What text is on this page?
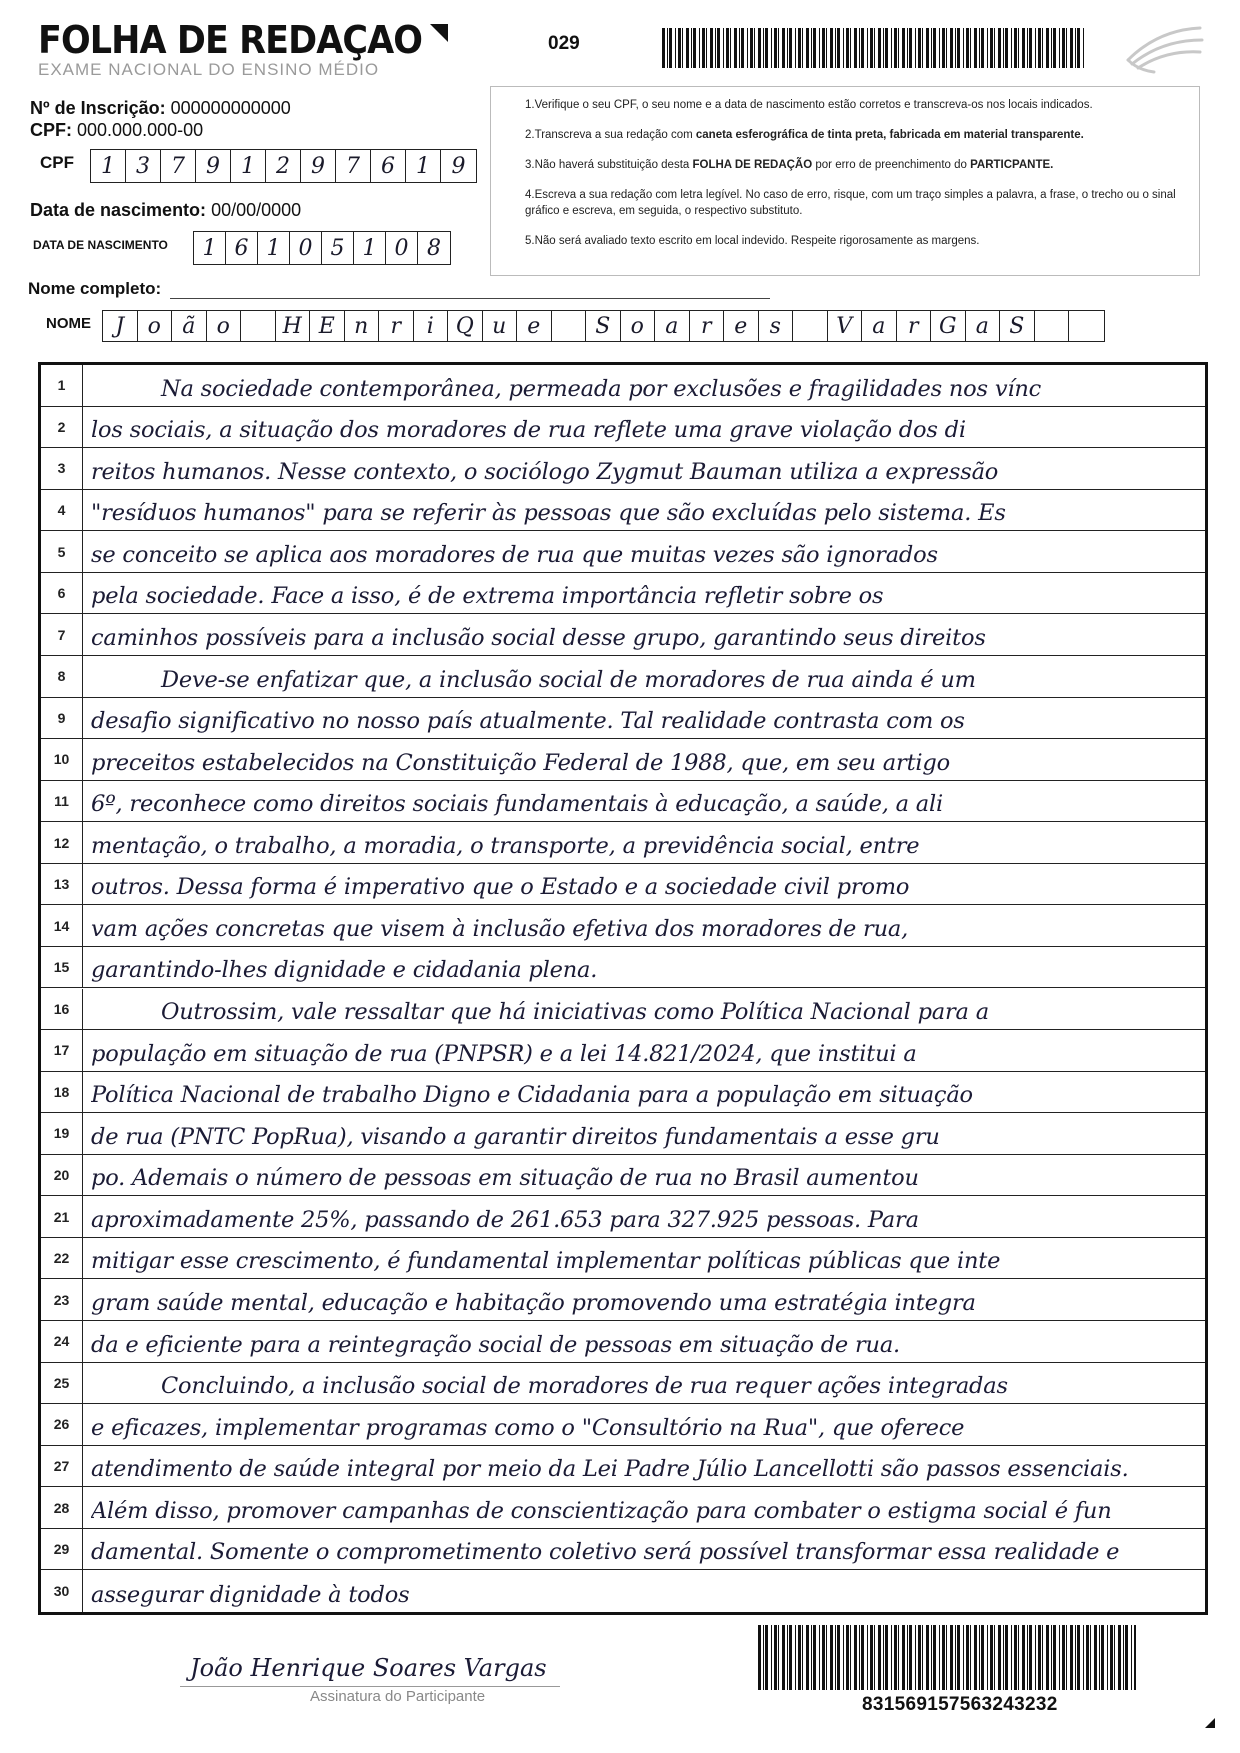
FOLHA DE REDAÇAO
EXAME NACIONAL DO ENSINO MÉDIO
029
Nº de Inscrição: 000000000000
CPF: 000.000.000-00
CPF	1 3 7 9 1 2 9 7 6 1 9
Data de nascimento: 00/00/0000
DATA DE NASCIMENTO	1 6 1 0 5 1 0 8
1.Verifique o seu CPF, o seu nome e a data de nascimento estão corretos e transcreva-os nos locais indicados.
2.Transcreva a sua redação com caneta esferográfica de tinta preta, fabricada em material transparente.
3.Não haverá substituição desta FOLHA DE REDAÇÃO por erro de preenchimento do PARTICPANTE.
4.Escreva a sua redação com letra legível. No caso de erro, risque, com um traço simples a palavra, a frase, o trecho ou o sinal gráfico e escreva, em seguida, o respectivo substituto.
5.Não será avaliado texto escrito em local indevido. Respeite rigorosamente as margens.
Nome completo:
NOME	J	o ã o	H E n	r	i Q u e	S o a	r	e	s	V a	r G a S
1	Na sociedade contemporânea, permeada por exclusões e fragilidades nos vínc
2	los sociais, a situação dos moradores de rua reflete uma grave violação dos di
3	reitos humanos. Nesse contexto, o sociólogo Zygmut Bauman utiliza a expressão
4	"resíduos humanos" para se referir às pessoas que são excluídas pelo sistema. Es
5	se conceito se aplica aos moradores de rua que muitas vezes são ignorados
6	pela sociedade. Face a isso, é de extrema importância refletir sobre os
7	caminhos possíveis para a inclusão social desse grupo, garantindo seus direitos
8	Deve-se enfatizar que, a inclusão social de moradores de rua ainda é um
9	desafio significativo no nosso país atualmente. Tal realidade contrasta com os
10 preceitos estabelecidos na Constituição Federal de 1988, que, em seu artigo
11 6º, reconhece como direitos sociais fundamentais à educação, a saúde, a ali
12 mentação, o trabalho, a moradia, o transporte, a previdência social, entre
13 outros. Dessa forma é imperativo que o Estado e a sociedade civil promo
14 vam ações concretas que visem à inclusão efetiva dos moradores de rua,
15 garantindo-lhes dignidade e cidadania plena.
16	Outrossim, vale ressaltar que há iniciativas como Política Nacional para a
17 população em situação de rua (PNPSR) e a lei 14.821/2024, que institui a
18 Política Nacional de trabalho Digno e Cidadania para a população em situação
19 de rua (PNTC PopRua), visando a garantir direitos fundamentais a esse gru
20 po. Ademais o número de pessoas em situação de rua no Brasil aumentou
21 aproximadamente 25%, passando de 261.653 para 327.925 pessoas. Para
22 mitigar esse crescimento, é fundamental implementar políticas públicas que inte
23 gram saúde mental, educação e habitação promovendo uma estratégia integra
24 da e eficiente para a reintegração social de pessoas em situação de rua.
25	Concluindo, a inclusão social de moradores de rua requer ações integradas
26 e eficazes, implementar programas como o "Consultório na Rua", que oferece
27 atendimento de saúde integral por meio da Lei Padre Júlio Lancellotti são passos essenciais.
28 Além disso, promover campanhas de conscientização para combater o estigma social é fun
29 damental. Somente o comprometimento coletivo será possível transformar essa realidade e
30 assegurar dignidade à todos
João Henrique Soares Vargas
Assinatura do Participante	831569157563243232
